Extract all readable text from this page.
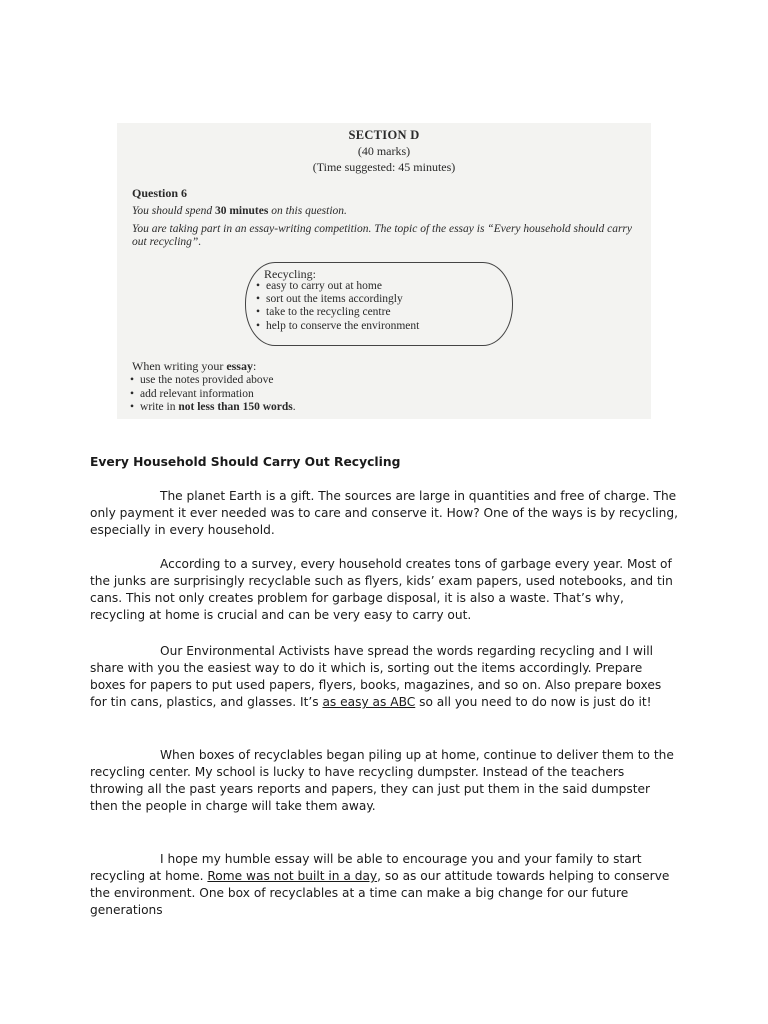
SECTION D
(40 marks)
(Time suggested: 45 minutes)
Question 6
You should spend 30 minutes on this question.
You are taking part in an essay-writing competition. The topic of the essay is “Every household should carry out recycling”.
Recycling:
• easy to carry out at home
• sort out the items accordingly
• take to the recycling centre
• help to conserve the environment
When writing your essay:
• use the notes provided above
• add relevant information
• write in not less than 150 words.
Every Household Should Carry Out Recycling

The planet Earth is a gift. The sources are large in quantities and free of charge. The only payment it ever needed was to care and conserve it. How? One of the ways is by recycling, especially in every household.

According to a survey, every household creates tons of garbage every year. Most of the junks are surprisingly recyclable such as flyers, kids’ exam papers, used notebooks, and tin cans. This not only creates problem for garbage disposal, it is also a waste. That’s why, recycling at home is crucial and can be very easy to carry out.

Our Environmental Activists have spread the words regarding recycling and I will share with you the easiest way to do it which is, sorting out the items accordingly. Prepare boxes for papers to put used papers, flyers, books, magazines, and so on. Also prepare boxes for tin cans, plastics, and glasses. It’s as easy as ABC so all you need to do now is just do it!

When boxes of recyclables began piling up at home, continue to deliver them to the recycling center. My school is lucky to have recycling dumpster. Instead of the teachers throwing all the past years reports and papers, they can just put them in the said dumpster then the people in charge will take them away.

I hope my humble essay will be able to encourage you and your family to start recycling at home. Rome was not built in a day, so as our attitude towards helping to conserve the environment. One box of recyclables at a time can make a big change for our future generations
